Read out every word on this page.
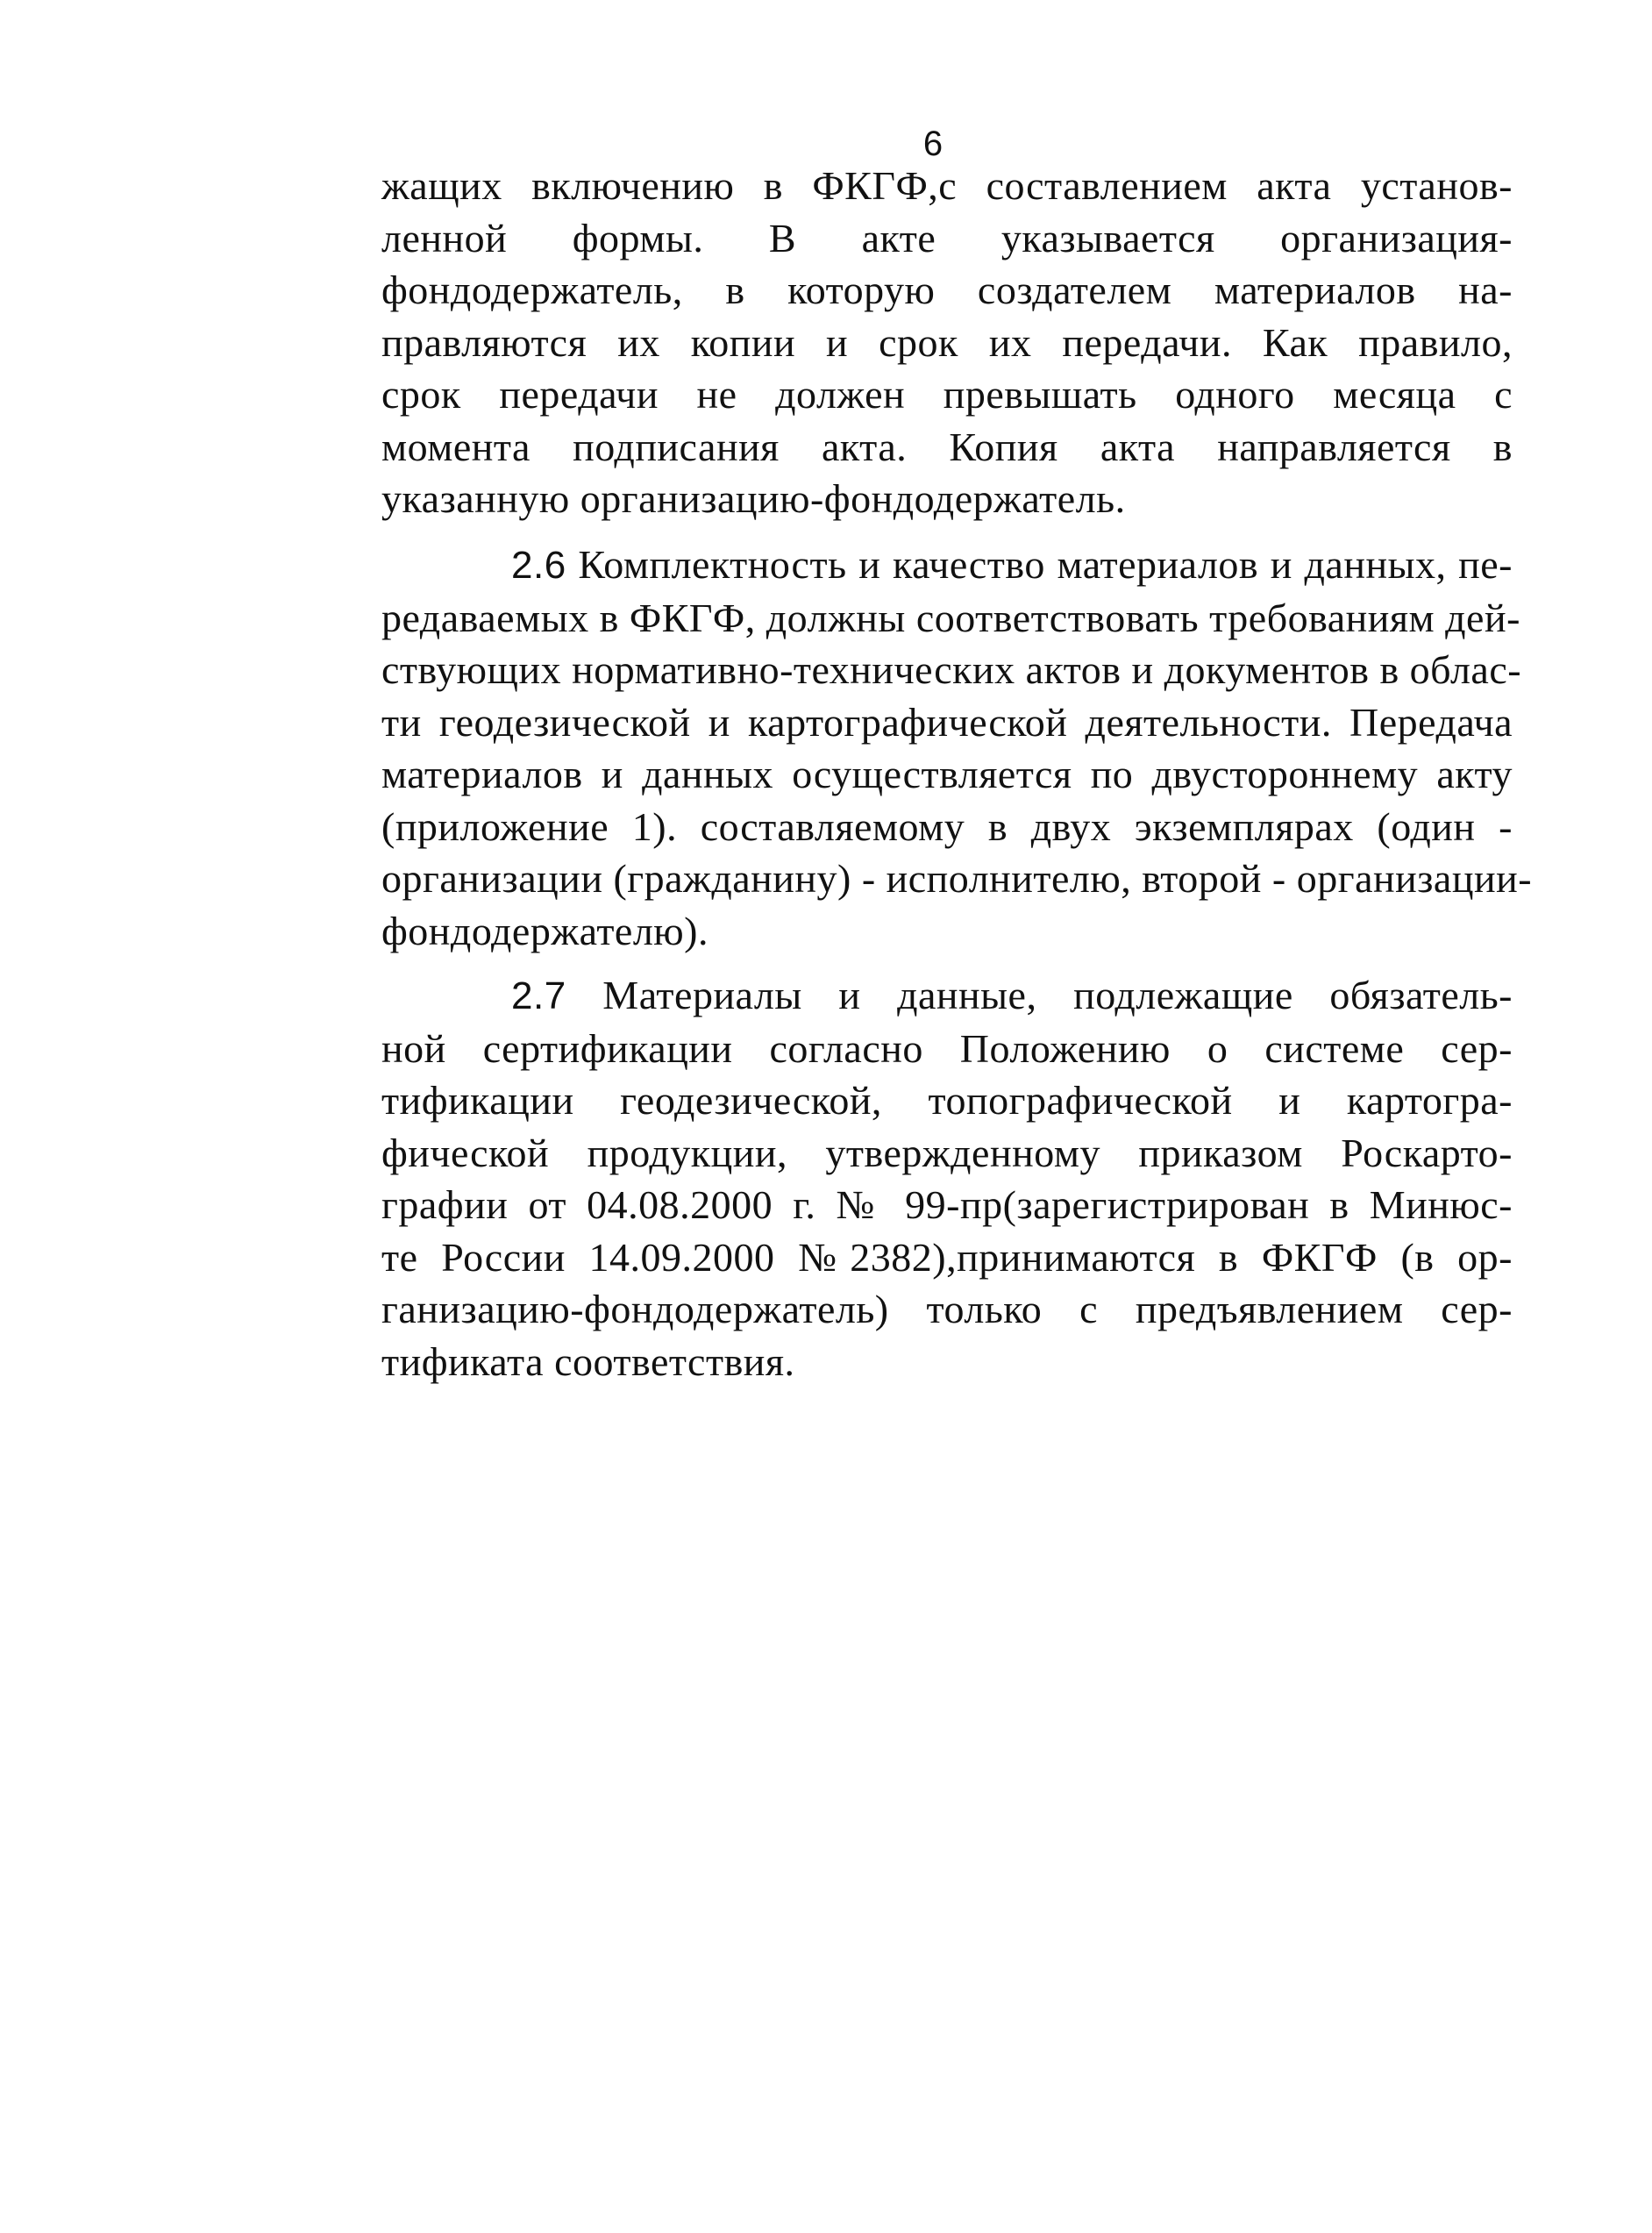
6
жащих включению в ФКГФ,с составлением акта установ-
ленной формы. В акте указывается организация-
фондодержатель, в которую создателем материалов на-
правляются их копии и срок их передачи. Как правило,
срок передачи не должен превышать одного месяца с
момента подписания акта. Копия акта направляется в
указанную организацию-фондодержатель.
2.6 Комплектность и качество материалов и данных, пе-
редаваемых в ФКГФ, должны соответствовать требованиям дей-
ствующих нормативно-технических актов и документов в облас-
ти геодезической и картографической деятельности. Передача
материалов и данных осуществляется по двустороннему акту
(приложение 1). составляемому в двух экземплярах (один -
организации (гражданину) - исполнителю, второй - организации-
фондодержателю).
2.7 Материалы и данные, подлежащие обязатель-
ной сертификации согласно Положению о системе сер-
тификации геодезической, топографической и картогра-
фической продукции, утвержденному приказом Роскарто-
графии от 04.08.2000 г. № 99-пр(зарегистрирован в Минюс-
те России 14.09.2000 №2382),принимаются в ФКГФ (в ор-
ганизацию-фондодержатель) только с предъявлением сер-
тификата соответствия.
